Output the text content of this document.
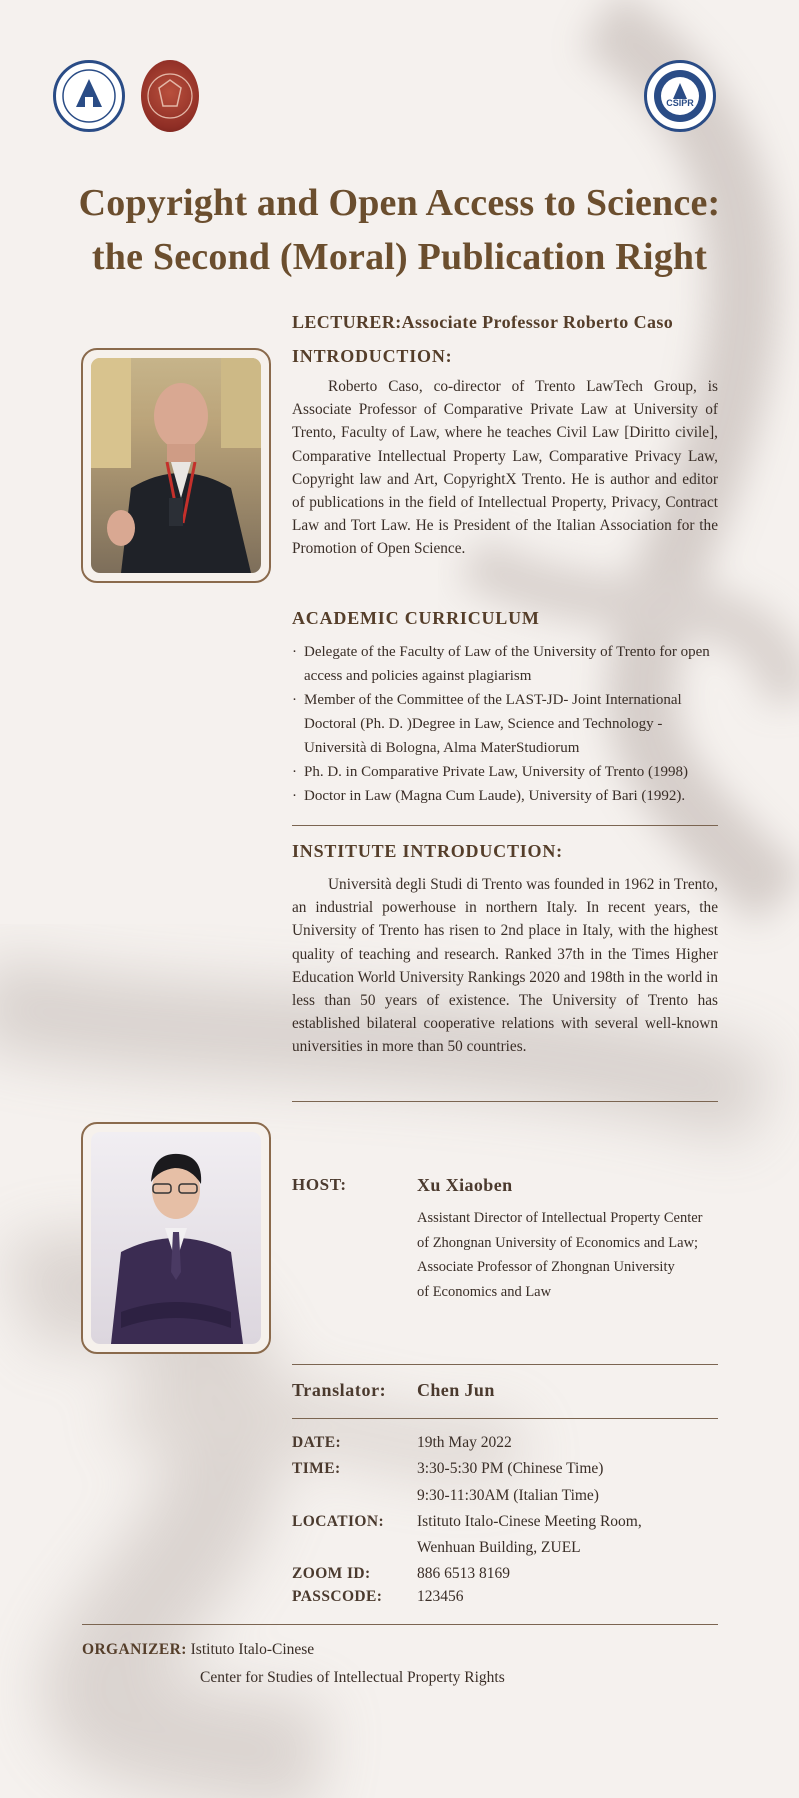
CSIPR
Copyright and Open Access to Science:
the Second (Moral) Publication Right
LECTURER:Associate Professor Roberto Caso
INTRODUCTION:

Roberto Caso, co-director of Trento LawTech Group, is Associate Professor of Comparative Private Law at University of Trento, Faculty of Law, where he teaches Civil Law [Diritto civile], Comparative Intellectual Property Law, Comparative Privacy Law, Copyright law and Art, CopyrightX Trento. He is author and editor of publications in the field of Intellectual Property, Privacy, Contract Law and Tort Law. He is President of the Italian Association for the Promotion of Open Science.

ACADEMIC CURRICULUM
· Delegate of the Faculty of Law of the University of Trento for open access and policies against plagiarism
· Member of the Committee of the LAST-JD- Joint International Doctoral (Ph. D. )Degree in Law, Science and Technology - Università di Bologna, Alma MaterStudiorum
· Ph. D. in Comparative Private Law, University of Trento (1998)
· Doctor in Law (Magna Cum Laude), University of Bari (1992).
INSTITUTE INTRODUCTION:

Università degli Studi di Trento was founded in 1962 in Trento, an industrial powerhouse in northern Italy. In recent years, the University of Trento has risen to 2nd place in Italy, with the highest quality of teaching and research. Ranked 37th in the Times Higher Education World University Rankings 2020 and 198th in the world in less than 50 years of existence. The University of Trento has established bilateral cooperative relations with several well-known universities in more than 50 countries.

HOST:	Xu Xiaoben
Assistant Director of Intellectual Property Center
of Zhongnan University of Economics and Law;
Associate Professor of Zhongnan University
of Economics and Law
Translator: Chen Jun
DATE:	19th May 2022
TIME:	3:30-5:30 PM (Chinese Time)
9:30-11:30AM (Italian Time)
LOCATION: Istituto Italo-Cinese Meeting Room,
Wenhuan Building, ZUEL
ZOOM ID:	886 6513 8169
PASSCODE: 123456
ORGANIZER: Istituto Italo-Cinese
Center for Studies of Intellectual Property Rights
